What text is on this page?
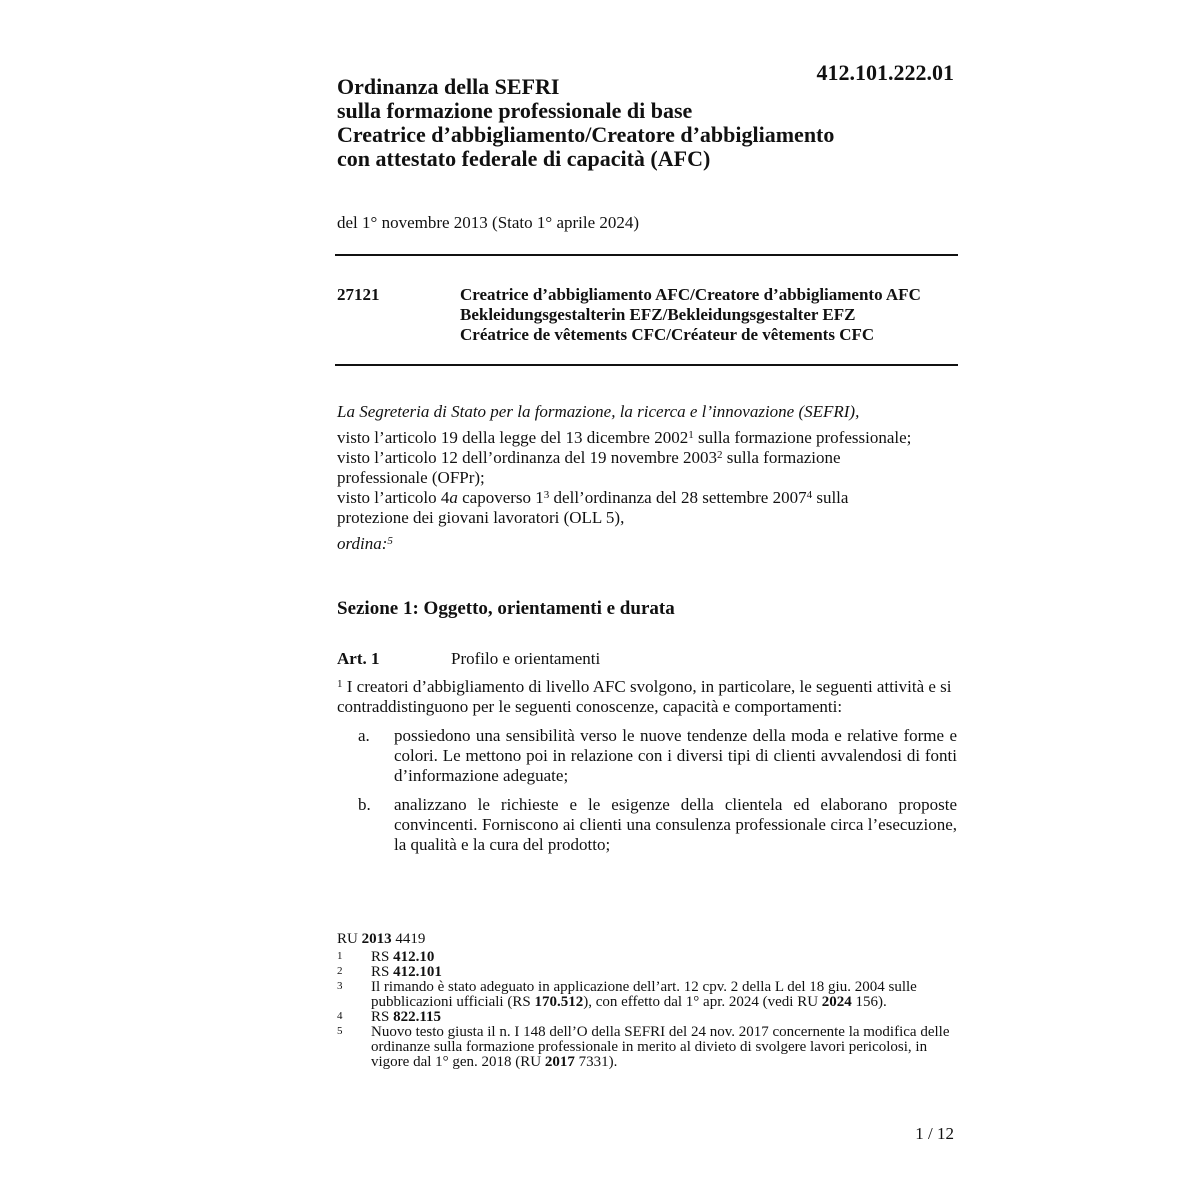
412.101.222.01
Ordinanza della SEFRI
sulla formazione professionale di base
Creatrice d’abbigliamento/Creatore d’abbigliamento
con attestato federale di capacità (AFC)
del 1° novembre 2013 (Stato 1° aprile 2024)
27121	Creatrice d’abbigliamento AFC/Creatore d’abbigliamento AFC
Bekleidungsgestalterin EFZ/Bekleidungsgestalter EFZ
Créatrice de vêtements CFC/Créateur de vêtements CFC
La Segreteria di Stato per la formazione, la ricerca e l’innovazione (SEFRI),
visto l’articolo 19 della legge del 13 dicembre 2002$^1$ sulla formazione professionale;
visto l’articolo 12 dell’ordinanza del 19 novembre 2003$^2$ sulla formazione
professionale (OFPr);
visto l’articolo 4a capoverso $1^3$ dell’ordinanza del 28 settembre 2007$^4$ sulla
protezione dei giovani lavoratori (OLL 5),
ordina:$^5$
Sezione 1: Oggetto, orientamenti e durata
Art. 1	Profilo e orientamenti
$^1$ I creatori d’abbigliamento di livello AFC svolgono, in particolare, le seguenti attività e si contraddistinguono per le seguenti conoscenze, capacità e comportamenti:
a. possiedono una sensibilità verso le nuove tendenze della moda e relative forme e colori. Le mettono poi in relazione con i diversi tipi di clienti avvalendosi di fonti d’informazione adeguate;
b. analizzano le richieste e le esigenze della clientela ed elaborano proposte convincenti. Forniscono ai clienti una consulenza professionale circa l’esecuzione, la qualità e la cura del prodotto;
RU 2013 4419
1 RS 412.10
2 RS 412.101
3 Il rimando è stato adeguato in applicazione dell’art. 12 cpv. 2 della L del 18 giu. 2004 sulle pubblicazioni ufficiali (RS 170.512), con effetto dal 1° apr. 2024 (vedi RU 2024 156).
4 RS 822.115
5 Nuovo testo giusta il n. I 148 dell’O della SEFRI del 24 nov. 2017 concernente la modifica delle ordinanze sulla formazione professionale in merito al divieto di svolgere lavori pericolosi, in vigore dal 1° gen. 2018 (RU 2017 7331).
1 / 12
